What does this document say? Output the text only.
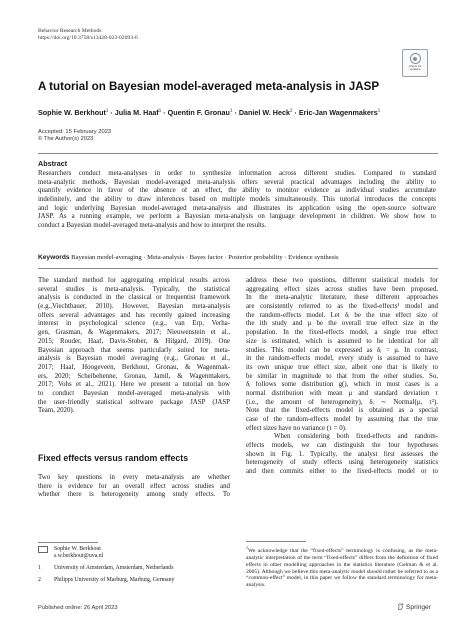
Behavior Research Methods
https://doi.org/10.3758/s13428-023-02093-6
Check for
updates
A tutorial on Bayesian model-averaged meta-analysis in JASP
Sophie W. Berkhout$^1$ · Julia M. Haaf$^1$ · Quentin F. Gronau$^1$ · Daniel W. Heck$^2$ · Eric-Jan Wagenmakers$^1$
Accepted: 15 February 2023
© The Author(s) 2023
Abstract
Researchers conduct meta-analyses in order to synthesize information across different studies. Compared to standard
meta-analytic methods, Bayesian model-averaged meta-analysis offers several practical advantages including the ability to
quantify evidence in favor of the absence of an effect, the ability to monitor evidence as individual studies accumulate
indefinitely, and the ability to draw inferences based on multiple models simultaneously. This tutorial introduces the concepts
and logic underlying Bayesian model-averaged meta-analysis and illustrates its application using the open-source software
JASP. As a running example, we perform a Bayesian meta-analysis on language development in children. We show how to
conduct a Bayesian model-averaged meta-analysis and how to interpret the results.
Keywords Bayesian model-averaging · Meta-analysis · Bayes factor · Posterior probability · Evidence synthesis
The standard method for aggregating empirical results across
several studies is meta-analysis. Typically, the statistical
analysis is conducted in the classical or frequentist framework
(e.g.,Viechtbauer, 2010). However, Bayesian meta-analysis
offers several advantages and has recently gained increasing
interest in psychological science (e.g., van Erp, Verha-
gen, Grasman, & Wagenmakers, 2017; Nieuwenstein et al.,
2015; Rouder, Haaf, Davis-Stober, & Hilgard, 2019). One
Bayesian approach that seems particularly suited for meta-
analysis is Bayesian model averaging (e.g., Gronau et al.,
2017; Haaf, Hoogeveen, Berkhout, Gronau, & Wagenmak-
ers, 2020; Scheibehenne, Gronau, Jamil, & Wagenmakers,
2017; Vohs et al., 2021). Here we present a tutorial on how
to conduct Bayesian model-averaged meta-analysis with
the user-friendly statistical software package JASP (JASP
Team, 2020).
Fixed effects versus random effects
Two key questions in every meta-analysis are whether
there is evidence for an overall effect across studies and
whether there is heterogeneity among study effects. To
address these two questions, different statistical models for
aggregating effect sizes across studies have been proposed.
In the meta-analytic literature, these different approaches
are consistently referred to as the fixed-effects¹ model and
the random-effects model. Let δᵢ be the true effect size of
the ith study and μ be the overall true effect size in the
population. In the fixed-effects model, a single true effect
size is estimated, which is assumed to be identical for all
studies. This model can be expressed as δᵢ = μ. In contrast,
in the random-effects model, every study is assumed to have
its own unique true effect size, albeit one that is likely to
be similar in magnitude to that from the other studies. So,
δᵢ follows some distribution g(), which in most cases is a
normal distribution with mean μ and standard deviation τ
(i.e., the amount of heterogeneity), δᵢ ∼ Normal(μ, τ²).
Note that the fixed-effects model is obtained as a special
case of the random-effects model by assuming that the true
effect sizes have no variance (τ = 0).
When considering both fixed-effects and random-
effects models, we can distinguish the four hypotheses
shown in Fig. 1. Typically, the analyst first assesses the
heterogeneity of study effects using heterogeneity statistics
and then commits either to the fixed-effects model or to
Sophie W. Berkhout
s.w.berkhout@uva.nl
1	University of Amsterdam, Amsterdam, Netherlands
2	Philipps University of Marburg, Marburg, Germany
$^1$We acknowledge that the “fixed-effects” terminology is confusing, as the meta-analytic interpretation of the term “fixed-effects” differs from the definition of fixed effects in other modelling approaches in the statistics literature (Gelman & et al. 2005). Although we believe this meta-analytic model should rather be referred to as a “common-effect” model, in this paper we follow the standard terminology for meta-analysis.
Published online: 26 April 2023	Springer
